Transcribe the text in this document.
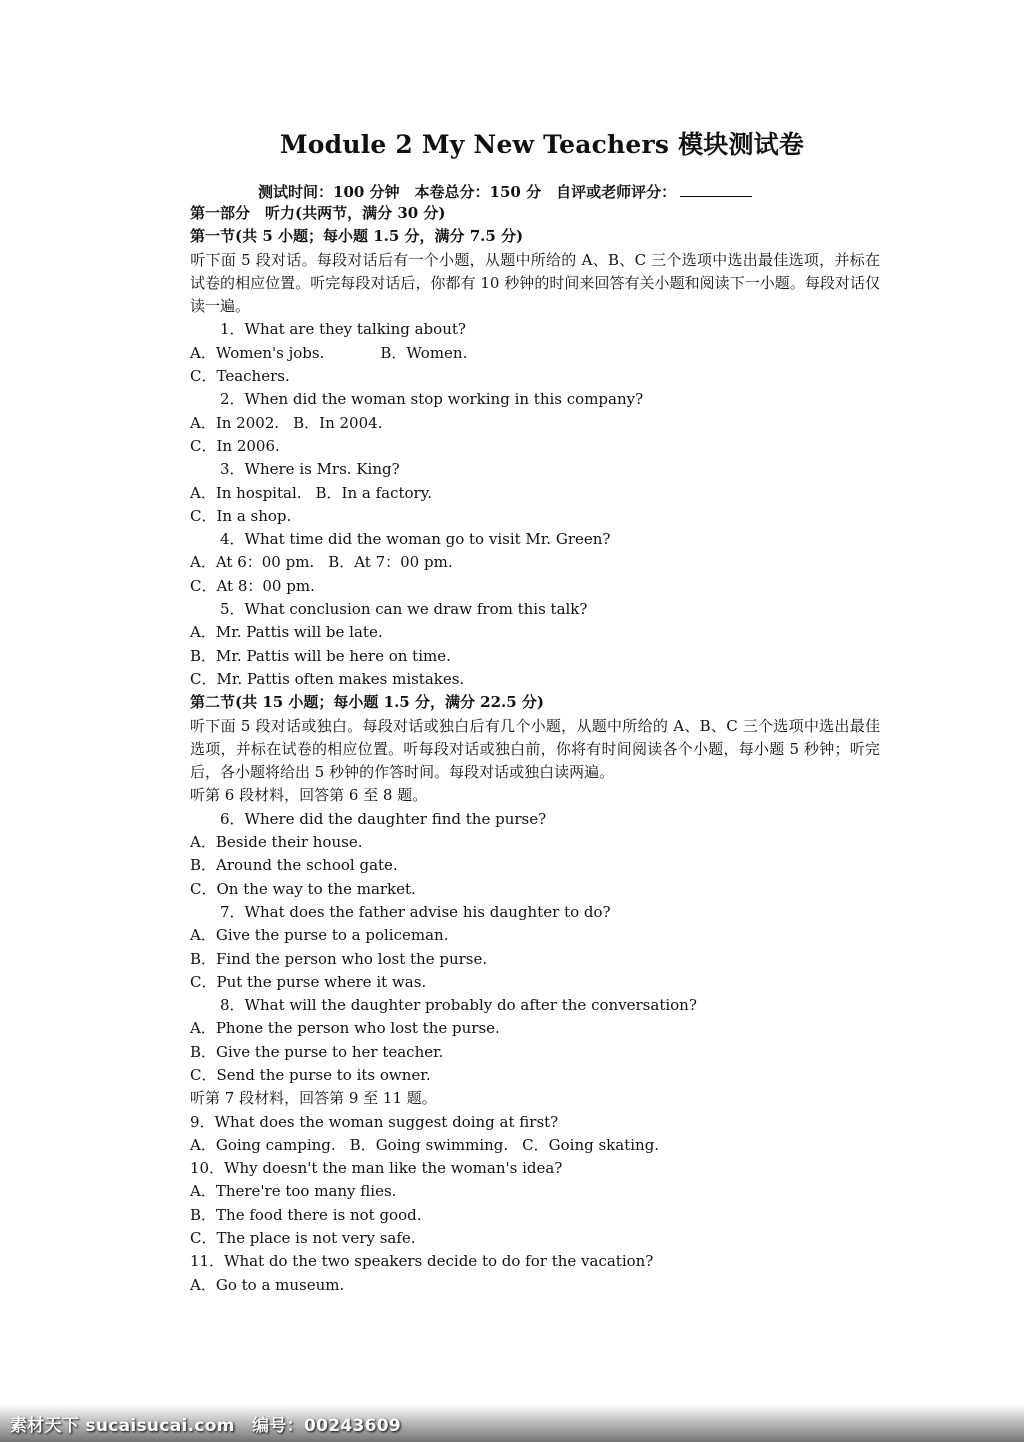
Module 2 My New Teachers 模块测试卷
测试时间：100 分钟　本卷总分：150 分　自评或老师评分：
第一部分　听力(共两节，满分 30 分)
第一节(共 5 小题；每小题 1.5 分，满分 7.5 分)
听下面 5 段对话。每段对话后有一个小题，从题中所给的 A、B、C 三个选项中选出最佳选项，并标在试卷的相应位置。听完每段对话后，你都有 10 秒钟的时间来回答有关小题和阅读下一小题。每段对话仅读一遍。
1．What are they talking about?
A．Women's jobs.	B．Women.
C．Teachers.
2．When did the woman stop working in this company?
A．In 2002. B．In 2004.
C．In 2006.
3．Where is Mrs. King?
A．In hospital. B．In a factory.
C．In a shop.
4．What time did the woman go to visit Mr. Green?
A．At 6：00 pm. B．At 7：00 pm.
C．At 8：00 pm.
5．What conclusion can we draw from this talk?
A．Mr. Pattis will be late.
B．Mr. Pattis will be here on time.
C．Mr. Pattis often makes mistakes.
第二节(共 15 小题；每小题 1.5 分，满分 22.5 分)
听下面 5 段对话或独白。每段对话或独白后有几个小题，从题中所给的 A、B、C 三个选项中选出最佳选项，并标在试卷的相应位置。听每段对话或独白前，你将有时间阅读各个小题，每小题 5 秒钟；听完后，各小题将给出 5 秒钟的作答时间。每段对话或独白读两遍。
听第 6 段材料，回答第 6 至 8 题。
6．Where did the daughter find the purse?
A．Beside their house.
B．Around the school gate.
C．On the way to the market.
7．What does the father advise his daughter to do?
A．Give the purse to a policeman.
B．Find the person who lost the purse.
C．Put the purse where it was.
8．What will the daughter probably do after the conversation?
A．Phone the person who lost the purse.
B．Give the purse to her teacher.
C．Send the purse to its owner.
听第 7 段材料，回答第 9 至 11 题。
9．What does the woman suggest doing at first?
A．Going camping. B．Going swimming. C．Going skating.
10．Why doesn't the man like the woman's idea?
A．There're too many flies.
B．The food there is not good.
C．The place is not very safe.
11．What do the two speakers decide to do for the vacation?
A．Go to a museum.
素材天下 sucaisucai.com　编号：00243609
